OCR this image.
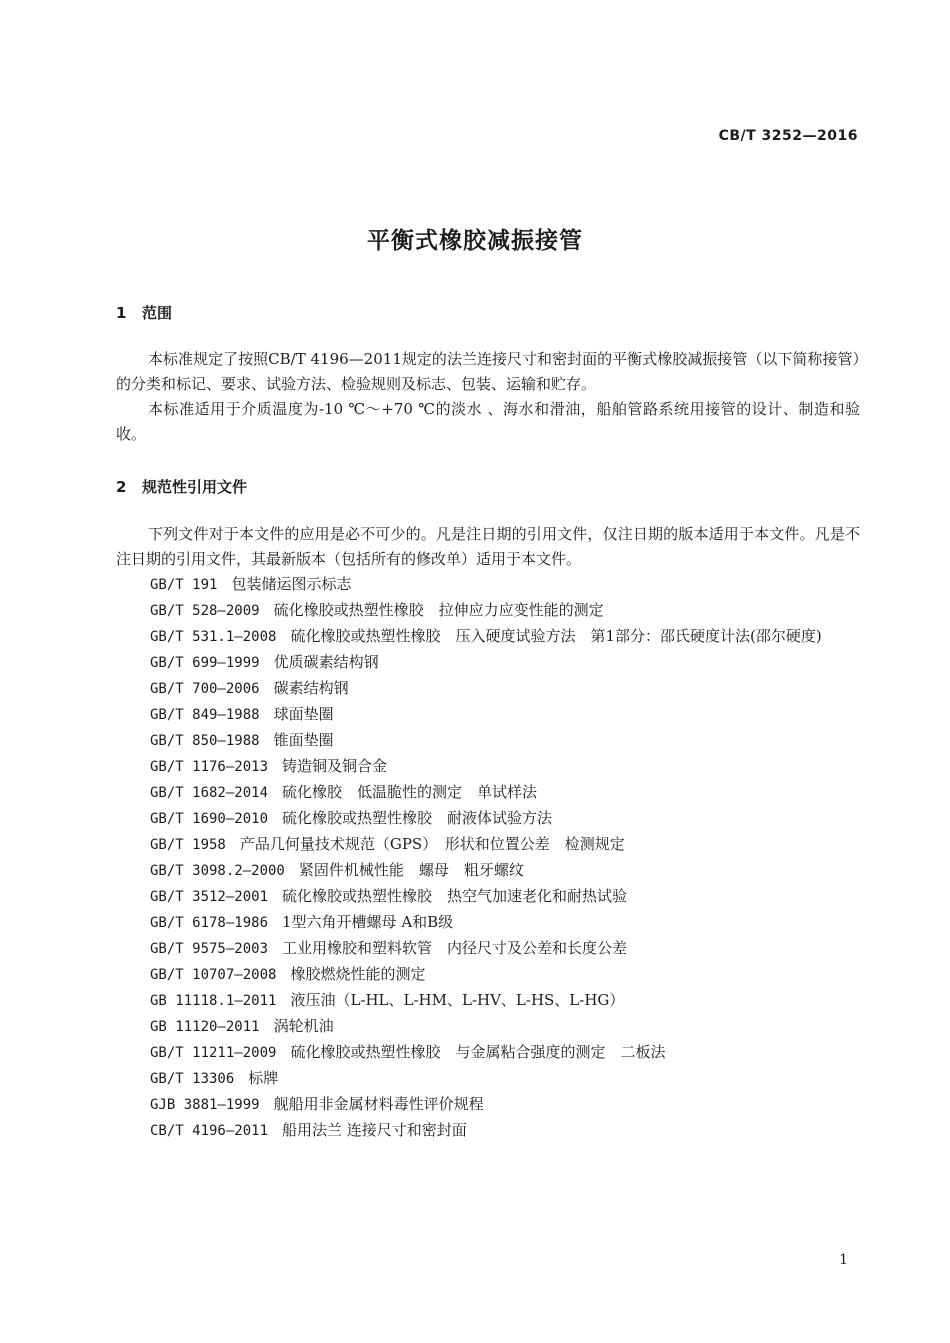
CB/T 3252—2016
平衡式橡胶减振接管
1 范围

本标准规定了按照CB/T 4196—2011规定的法兰连接尺寸和密封面的平衡式橡胶减振接管（以下简称接管）的分类和标记、要求、试验方法、检验规则及标志、包装、运输和贮存。

本标准适用于介质温度为-10 ℃～+70 ℃的淡水 、海水和滑油，船舶管路系统用接管的设计、制造和验收。

2 规范性引用文件

下列文件对于本文件的应用是必不可少的。凡是注日期的引用文件，仅注日期的版本适用于本文件。凡是不注日期的引用文件，其最新版本（包括所有的修改单）适用于本文件。

GB/T 191 包装储运图示标志
GB/T 528—2009 硫化橡胶或热塑性橡胶　拉伸应力应变性能的测定
GB/T 531.1—2008 硫化橡胶或热塑性橡胶　压入硬度试验方法　第1部分：邵氏硬度计法(邵尔硬度)
GB/T 699—1999 优质碳素结构钢
GB/T 700—2006 碳素结构钢
GB/T 849—1988 球面垫圈
GB/T 850—1988 锥面垫圈
GB/T 1176—2013 铸造铜及铜合金
GB/T 1682—2014 硫化橡胶　低温脆性的测定　单试样法
GB/T 1690—2010 硫化橡胶或热塑性橡胶　耐液体试验方法
GB/T 1958 产品几何量技术规范（GPS）　形状和位置公差　检测规定
GB/T 3098.2—2000 紧固件机械性能　螺母　粗牙螺纹
GB/T 3512—2001 硫化橡胶或热塑性橡胶　热空气加速老化和耐热试验
GB/T 6178—1986 1型六角开槽螺母 A和B级
GB/T 9575—2003 工业用橡胶和塑料软管　内径尺寸及公差和长度公差
GB/T 10707—2008 橡胶燃烧性能的测定
GB 11118.1—2011 液压油（L-HL、L-HM、L-HV、L-HS、L-HG）
GB 11120—2011 涡轮机油
GB/T 11211—2009 硫化橡胶或热塑性橡胶　与金属粘合强度的测定　二板法
GB/T 13306 标牌
GJB 3881—1999 舰船用非金属材料毒性评价规程
CB/T 4196—2011 船用法兰 连接尺寸和密封面
1
